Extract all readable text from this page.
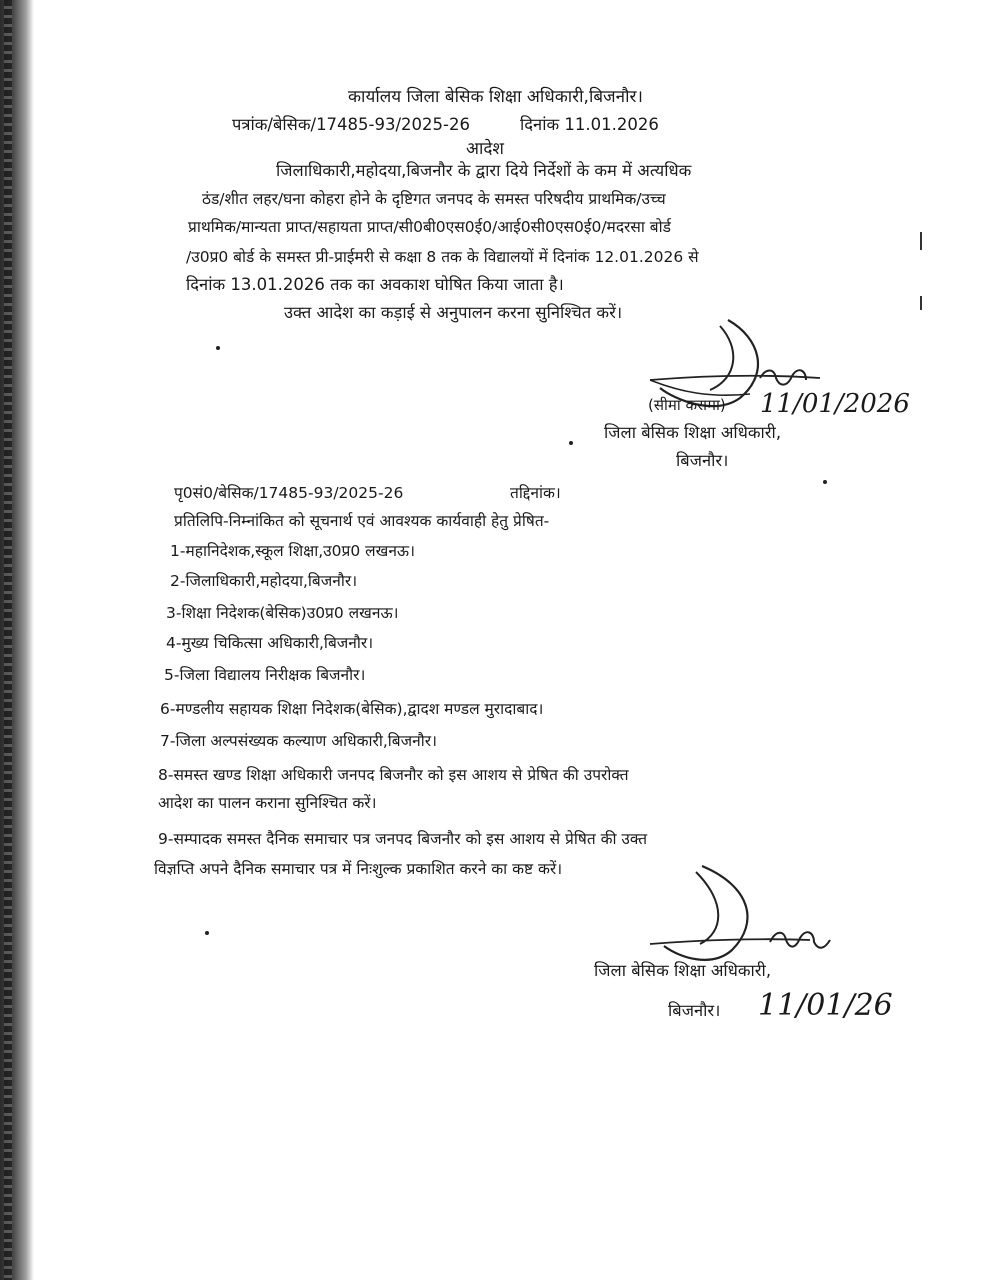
कार्यालय जिला बेसिक शिक्षा अधिकारी,बिजनौर।
पत्रांक/बेसिक/17485-93/2025-26	दिनांक 11.01.2026
आदेश
जिलाधिकारी,महोदया,बिजनौर के द्वारा दिये निर्देशों के कम में अत्यधिक
ठंड/शीत लहर/घना कोहरा होने के दृष्टिगत जनपद के समस्त परिषदीय प्राथमिक/उच्च
प्राथमिक/मान्यता प्राप्त/सहायता प्राप्त/सी0बी0एस0ई0/आई0सी0एस0ई0/मदरसा बोर्ड
/उ0प्र0 बोर्ड के समस्त प्री-प्राईमरी से कक्षा 8 तक के विद्यालयों में दिनांक 12.01.2026 से
दिनांक 13.01.2026 तक का अवकाश घोषित किया जाता है।
उक्त आदेश का कड़ाई से अनुपालन करना सुनिश्चित करें।
(सीमा करामा) 11/01/2026
जिला बेसिक शिक्षा अधिकारी,
बिजनौर।
पृ0सं0/बेसिक/17485-93/2025-26	तद्दिनांक।
प्रतिलिपि-निम्नांकित को सूचनार्थ एवं आवश्यक कार्यवाही हेतु प्रेषित-
1-महानिदेशक,स्कूल शिक्षा,उ0प्र0 लखनऊ।
2-जिलाधिकारी,महोदया,बिजनौर।
3-शिक्षा निदेशक(बेसिक)उ0प्र0 लखनऊ।
4-मुख्य चिकित्सा अधिकारी,बिजनौर।
5-जिला विद्यालय निरीक्षक बिजनौर।
6-मण्डलीय सहायक शिक्षा निदेशक(बेसिक),द्वादश मण्डल मुरादाबाद।
7-जिला अल्पसंख्यक कल्याण अधिकारी,बिजनौर।
8-समस्त खण्ड शिक्षा अधिकारी जनपद बिजनौर को इस आशय से प्रेषित की उपरोक्त
आदेश का पालन कराना सुनिश्चित करें।
9-सम्पादक समस्त दैनिक समाचार पत्र जनपद बिजनौर को इस आशय से प्रेषित की उक्त
विज्ञप्ति अपने दैनिक समाचार पत्र में निःशुल्क प्रकाशित करने का कष्ट करें।
जिला बेसिक शिक्षा अधिकारी,
बिजनौर। 11/01/26
